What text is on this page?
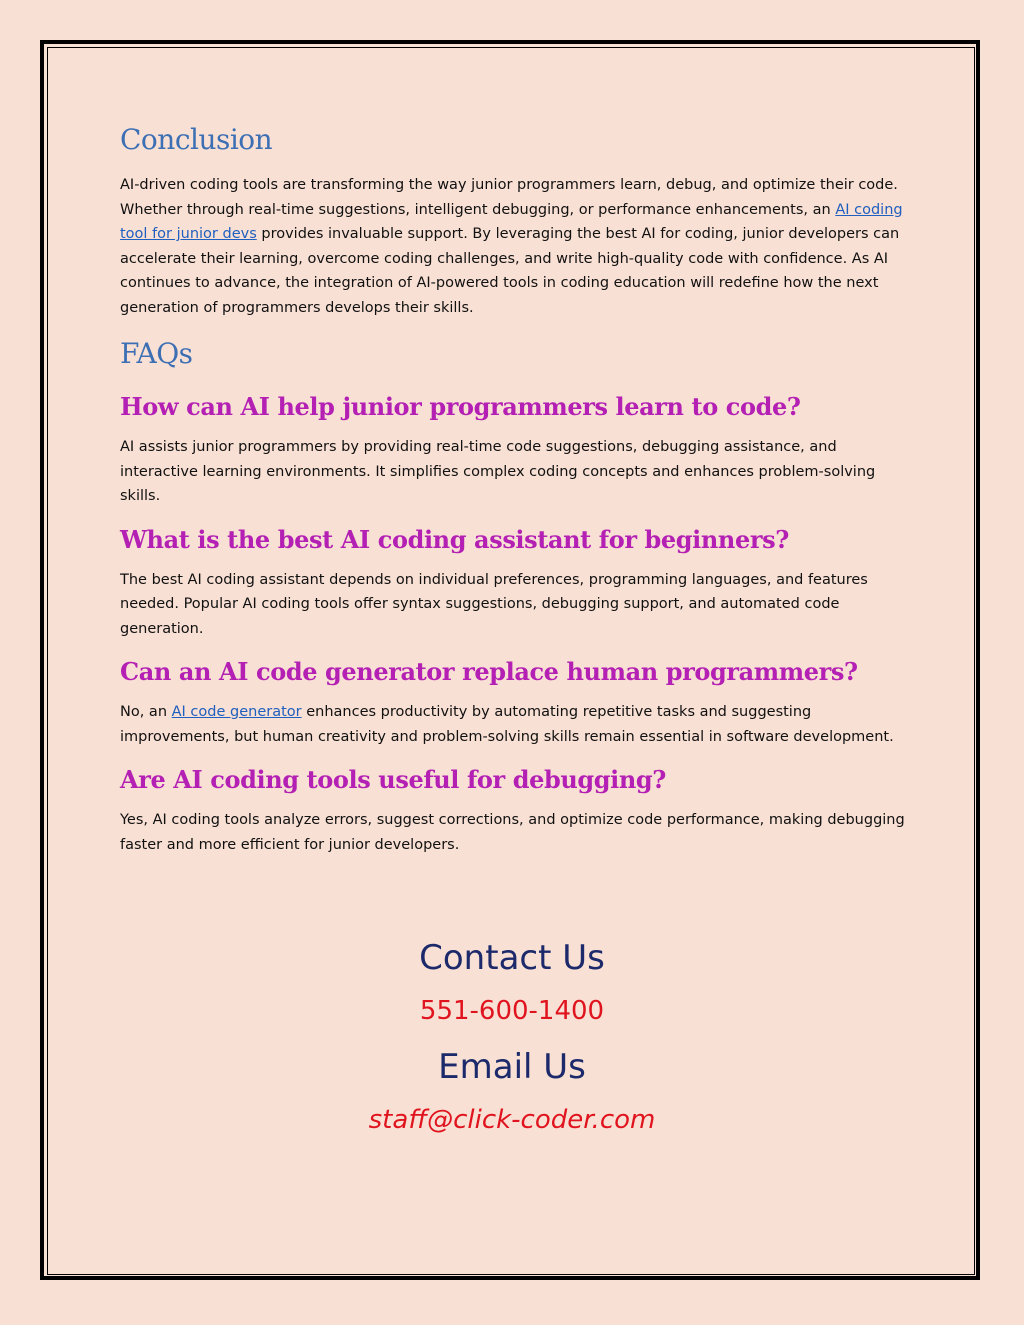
Conclusion

AI-driven coding tools are transforming the way junior programmers learn, debug, and optimize their code. Whether through real-time suggestions, intelligent debugging, or performance enhancements, an AI coding tool for junior devs provides invaluable support. By leveraging the best AI for coding, junior developers can accelerate their learning, overcome coding challenges, and write high-quality code with confidence. As AI continues to advance, the integration of AI-powered tools in coding education will redefine how the next generation of programmers develops their skills.

FAQs
How can AI help junior programmers learn to code?

AI assists junior programmers by providing real-time code suggestions, debugging assistance, and interactive learning environments. It simplifies complex coding concepts and enhances problem-solving skills.

What is the best AI coding assistant for beginners?

The best AI coding assistant depends on individual preferences, programming languages, and features needed. Popular AI coding tools offer syntax suggestions, debugging support, and automated code generation.

Can an AI code generator replace human programmers?

No, an AI code generator enhances productivity by automating repetitive tasks and suggesting improvements, but human creativity and problem-solving skills remain essential in software development.

Are AI coding tools useful for debugging?

Yes, AI coding tools analyze errors, suggest corrections, and optimize code performance, making debugging faster and more efficient for junior developers.

Contact Us
551-600-1400
Email Us
staff@click-coder.com
